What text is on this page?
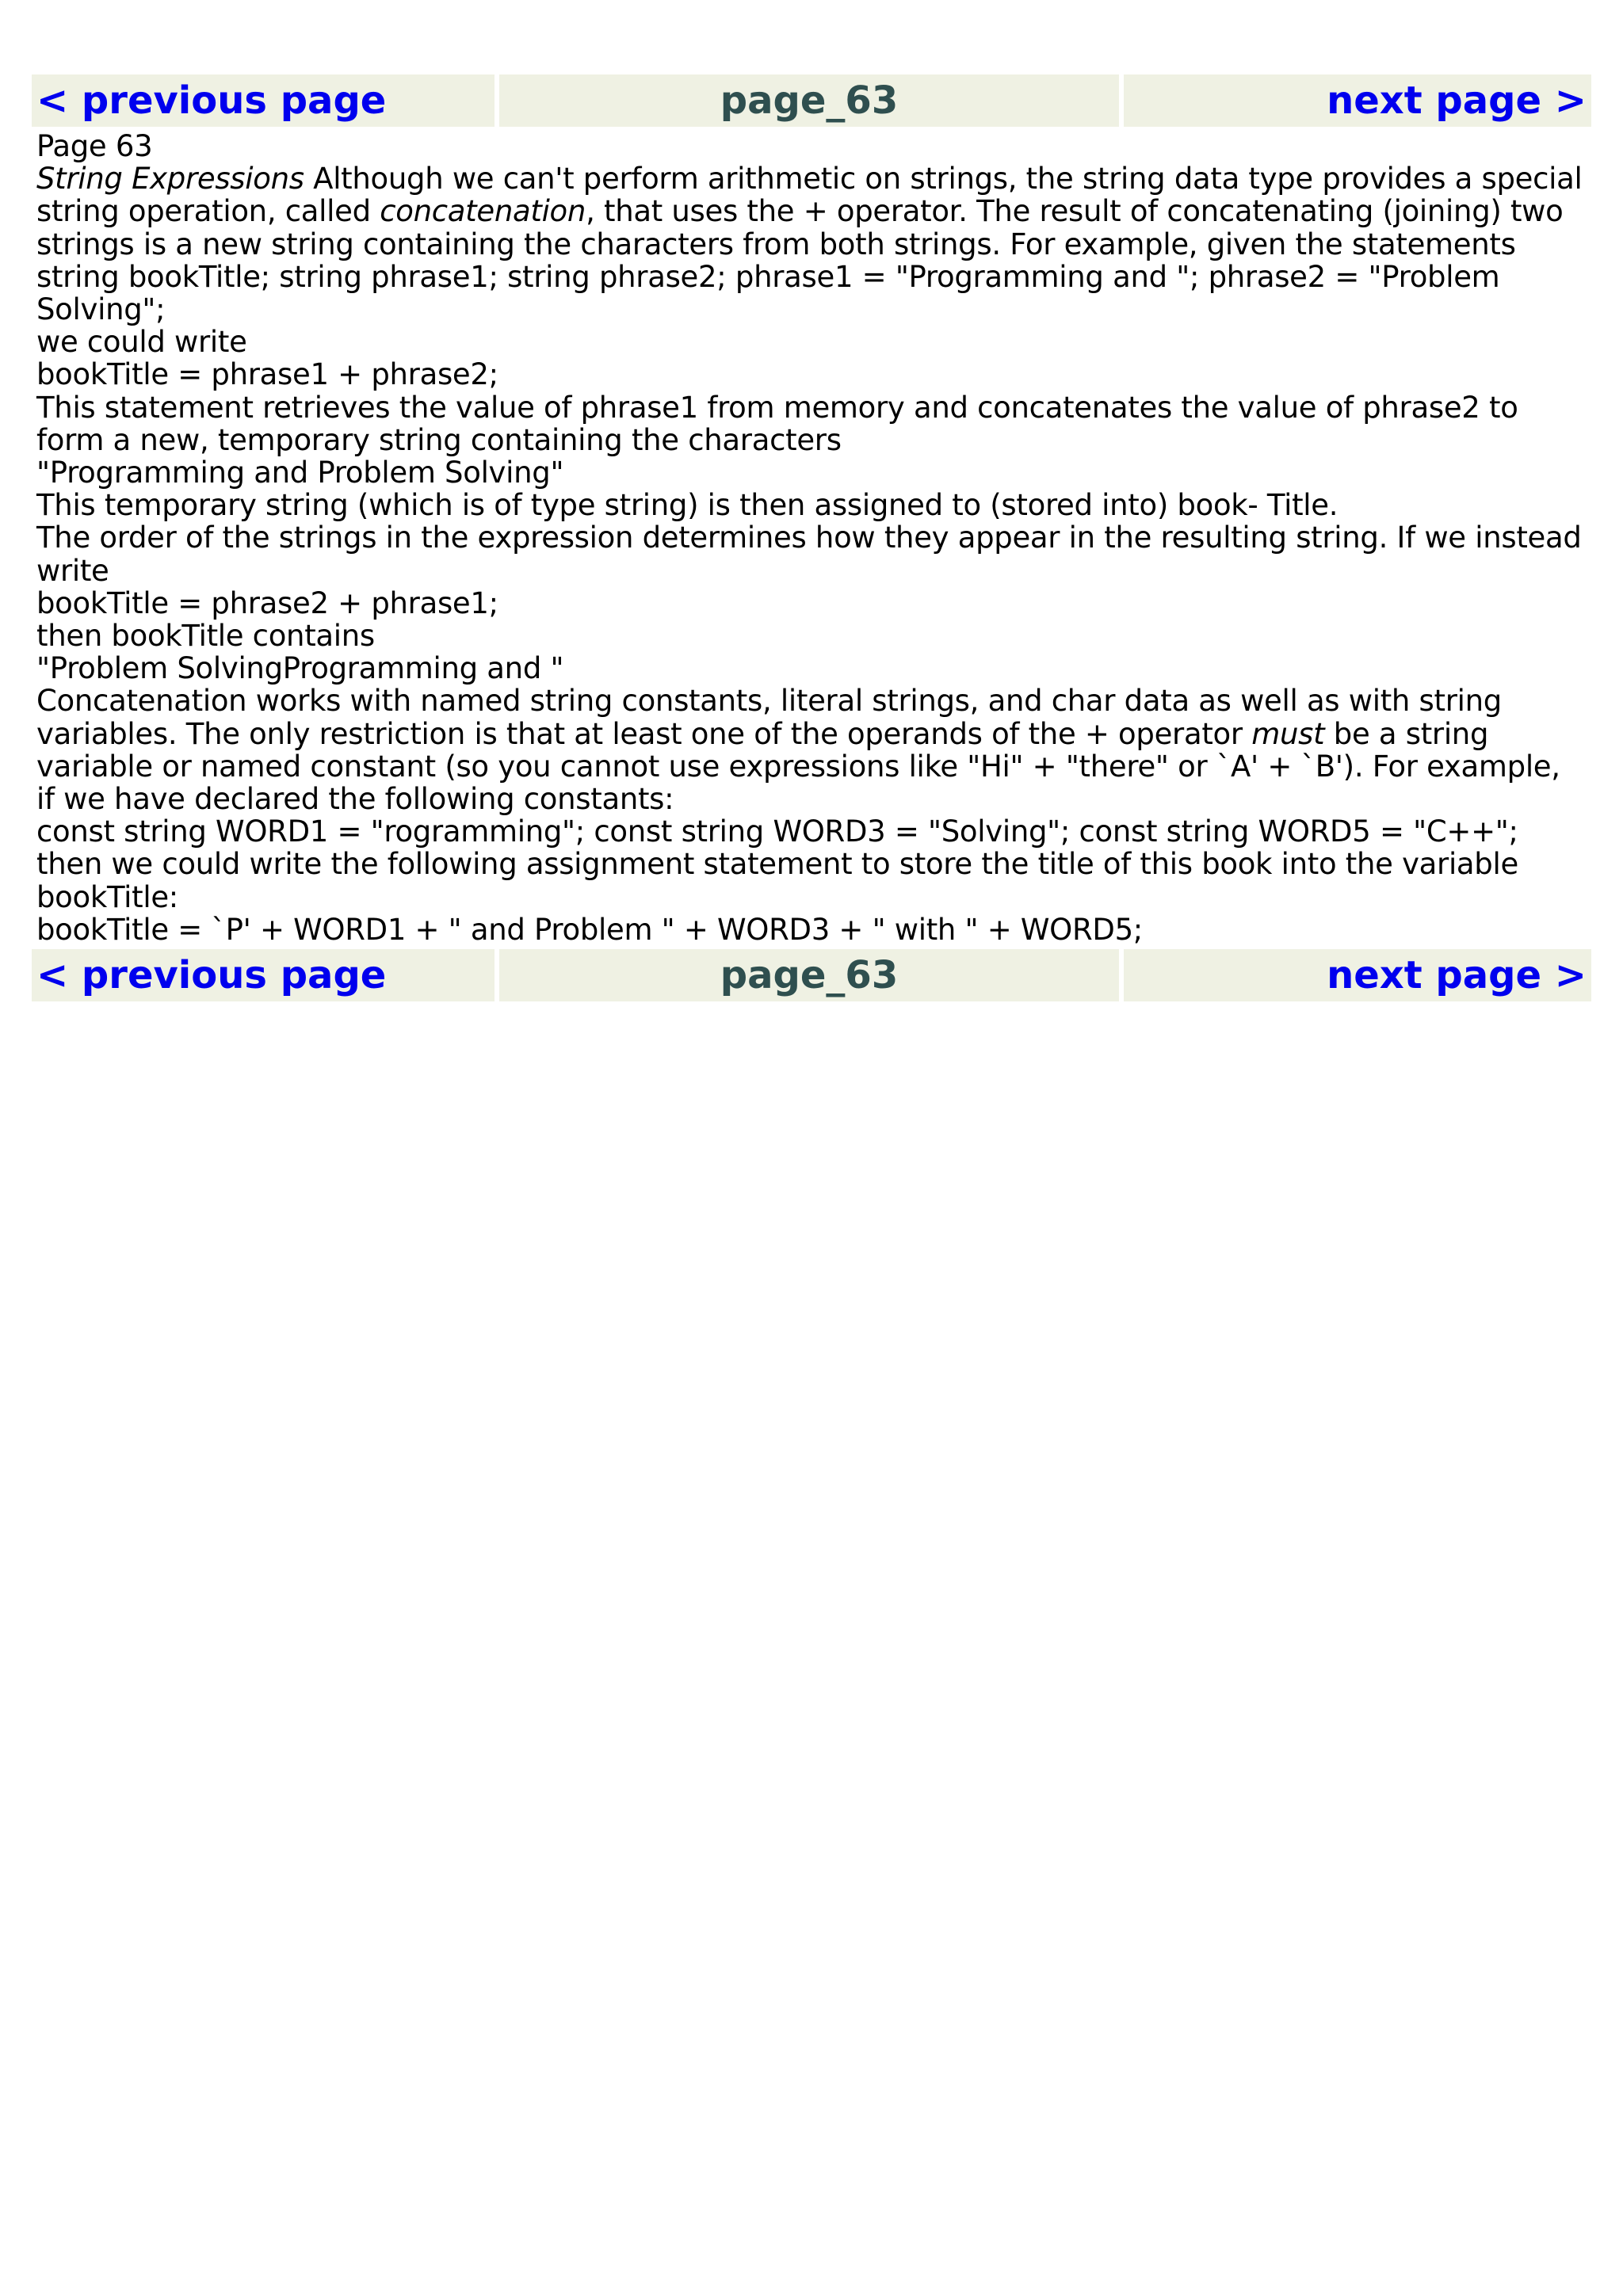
< previous page	page_63	next page >
Page 63
String Expressions Although we can't perform arithmetic on strings, the string data type provides a special string operation, called concatenation, that uses the + operator. The result of concatenating (joining) two strings is a new string containing the characters from both strings. For example, given the statements string bookTitle; string phrase1; string phrase2; phrase1 = "Programming and "; phrase2 = "Problem Solving";
we could write
bookTitle = phrase1 + phrase2;
This statement retrieves the value of phrase1 from memory and concatenates the value of phrase2 to form a new, temporary string containing the characters
"Programming and Problem Solving"
This temporary string (which is of type string) is then assigned to (stored into) book- Title.
The order of the strings in the expression determines how they appear in the resulting string. If we instead write
bookTitle = phrase2 + phrase1;
then bookTitle contains
"Problem SolvingProgramming and "
Concatenation works with named string constants, literal strings, and char data as well as with string variables. The only restriction is that at least one of the operands of the + operator must be a string variable or named constant (so you cannot use expressions like "Hi" + "there" or `A' + `B'). For example, if we have declared the following constants:
const string WORD1 = "rogramming"; const string WORD3 = "Solving"; const string WORD5 = "C++";
then we could write the following assignment statement to store the title of this book into the variable bookTitle:
bookTitle = `P' + WORD1 + " and Problem " + WORD3 + " with " + WORD5;
< previous page	page_63	next page >
